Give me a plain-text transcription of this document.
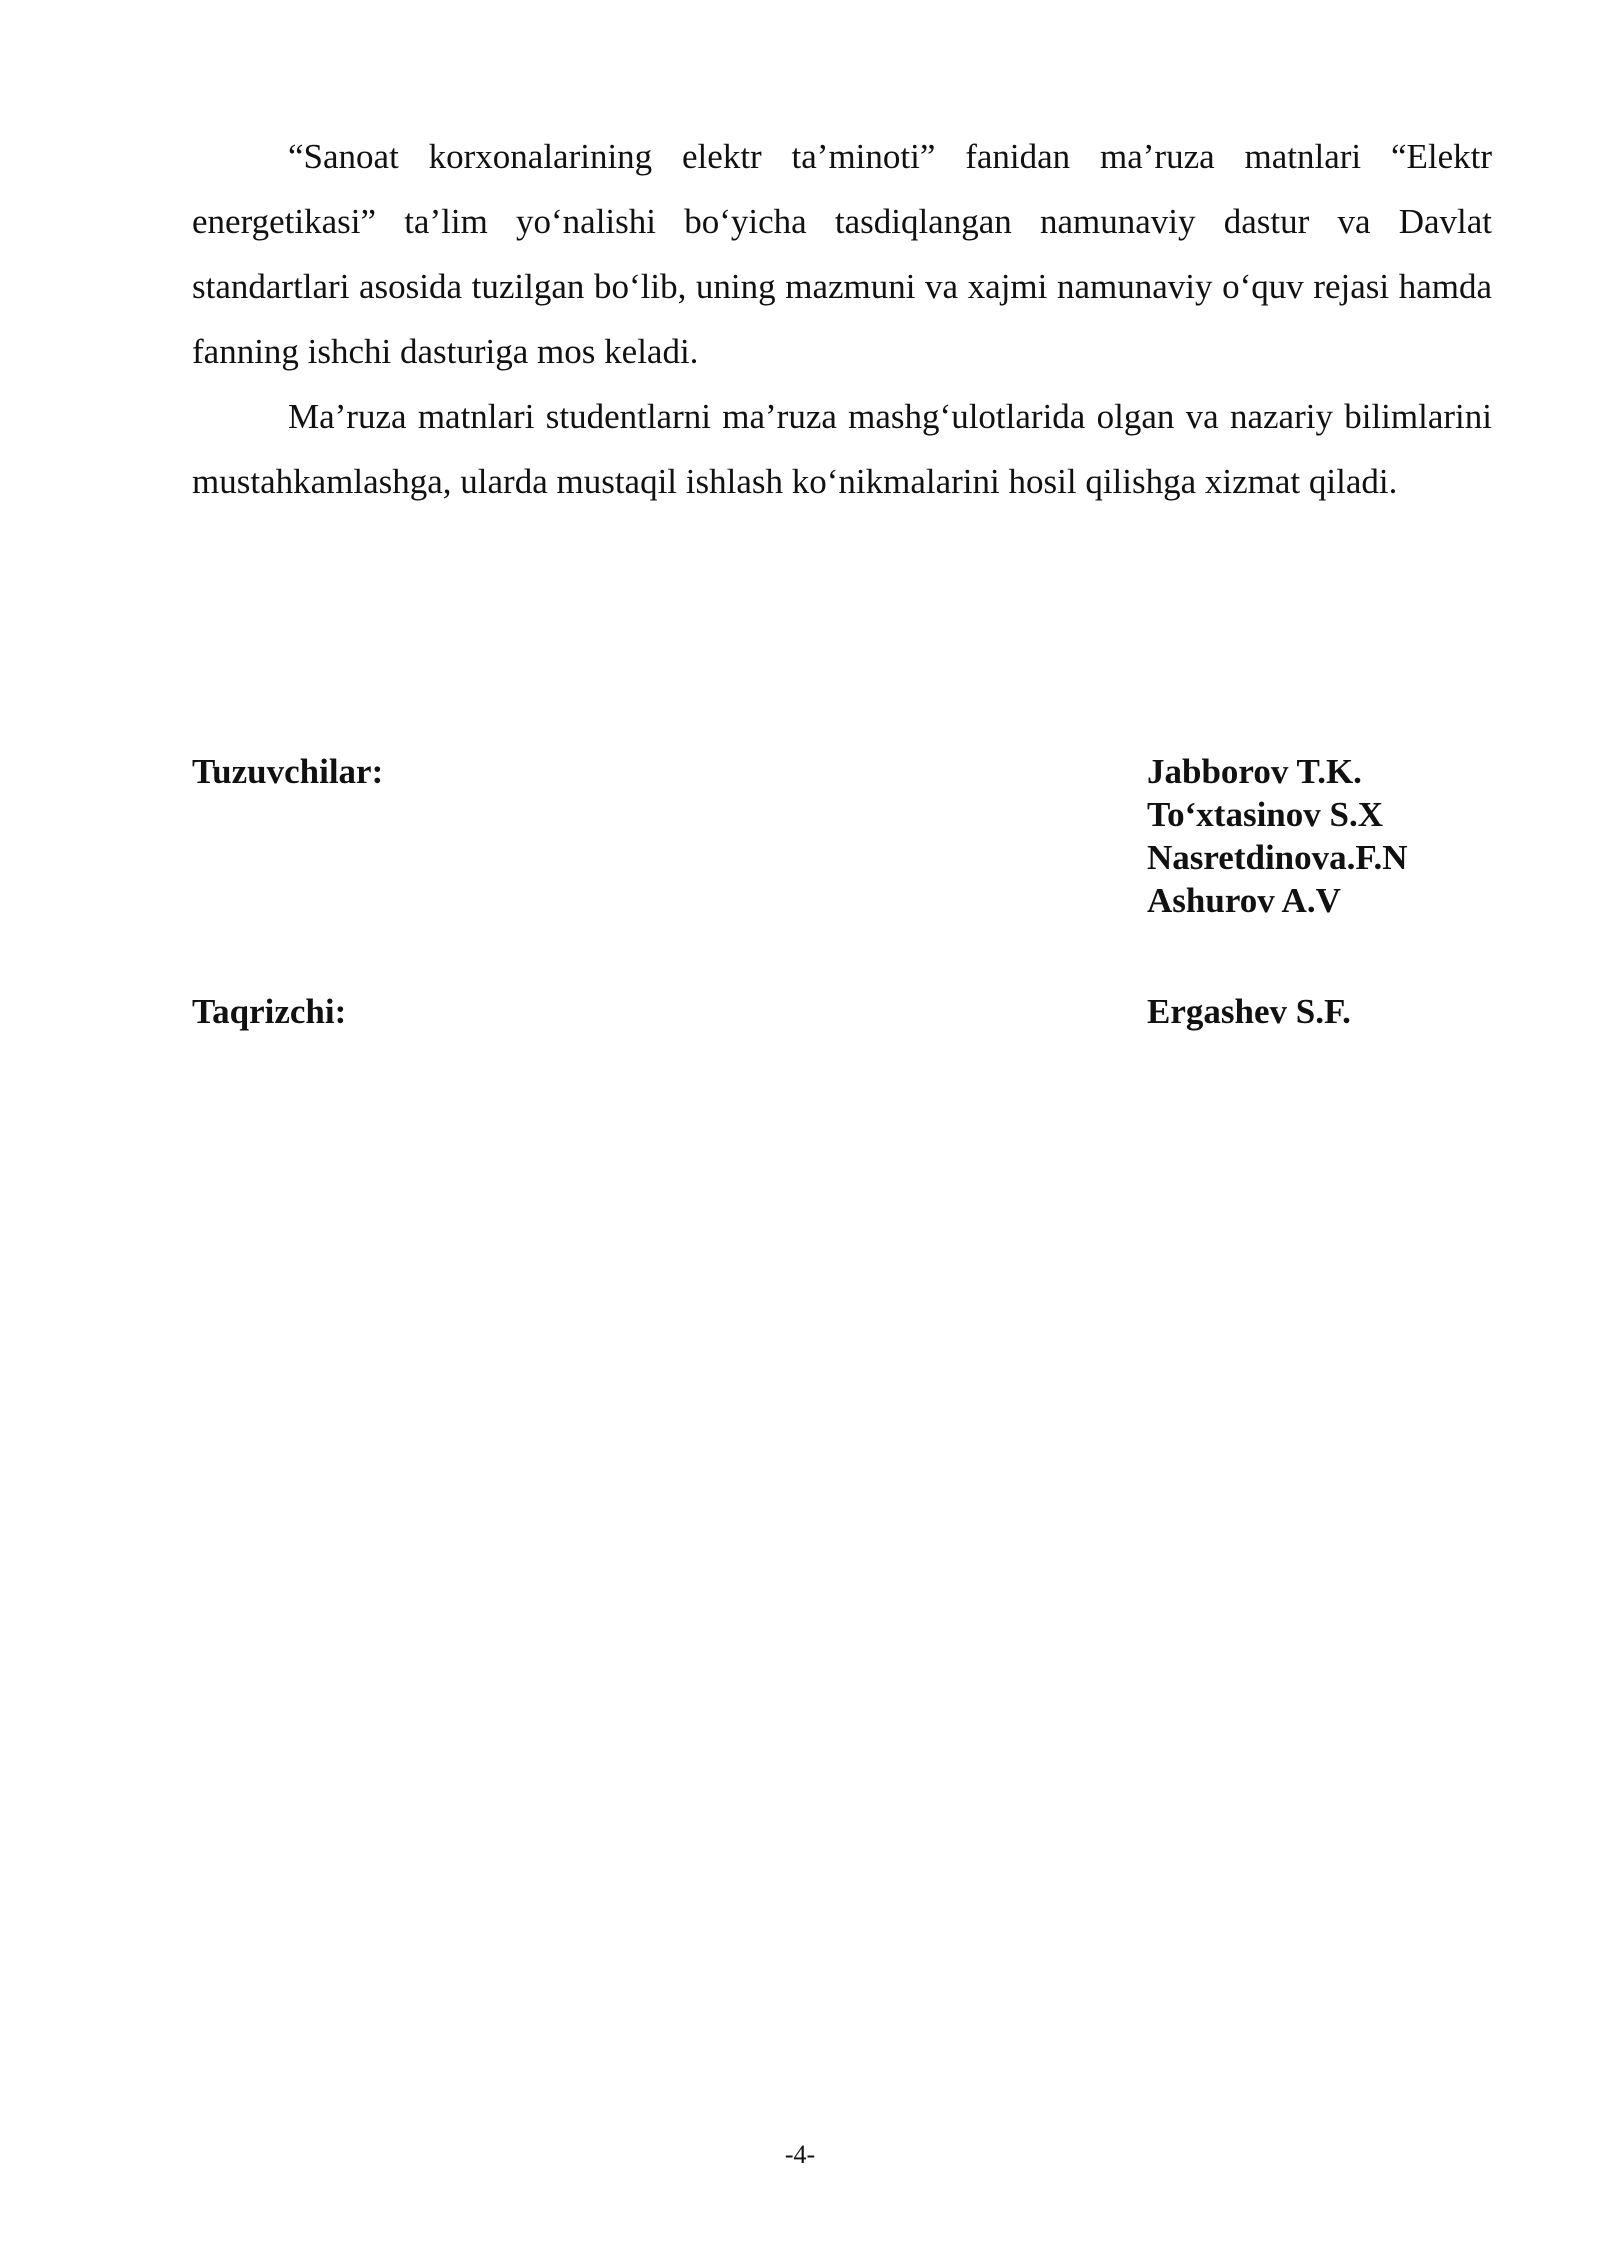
“Sanoat korxonalarining elektr ta’minoti” fanidan ma’ruza matnlari “Elektr energetikasi” ta’lim yo‘nalishi bo‘yicha tasdiqlangan namunaviy dastur va Davlat standartlari asosida tuzilgan bo‘lib, uning mazmuni va xajmi namunaviy o‘quv rejasi hamda fanning ishchi dasturiga mos keladi.

Ma’ruza matnlari studentlarni ma’ruza mashg‘ulotlarida olgan va nazariy bilimlarini mustahkamlashga, ularda mustaqil ishlash ko‘nikmalarini hosil qilishga xizmat qiladi.

Tuzuvchilar:	Jabborov T.K.
To‘xtasinov S.X
Nasretdinova.F.N
Ashurov A.V
Taqrizchi:	Ergashev S.F.
-4-
